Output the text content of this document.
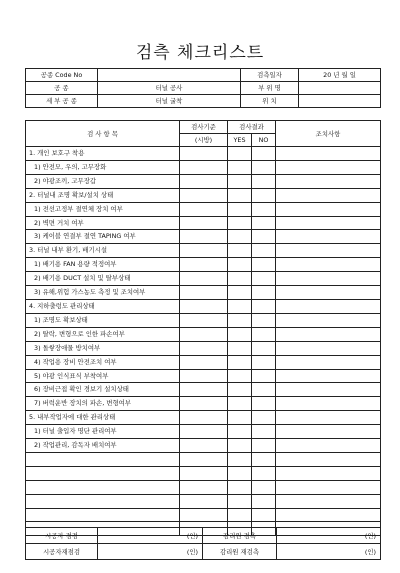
검측 체크리스트
공종 Code No		검측일자	20 년 월 일
공 종	터널 공사	부 위 명	
세 부 공 종	터널 굴착	위 치	
검 사 항 목	검사기준	검사결과		조치사항
	(시방)	YES	NO	
1. 개인 보호구 착용				
1) 안전모, 우의, 고무장화				
2) 야광조끼, 고무장갑				
2. 터널내 조명 확보/설치 상태				
1) 전선고정부 절연체 장치 여부				
2) 벽면 거치 여부				
3) 케이블 연결부 절연 TAPING 여부				
3. 터널 내부 환기, 배기시설				
1) 배기용 FAN 용량 적정여부				
2) 배기용 DUCT 설치 및 탈부상태				
3) 유해,위험 가스농도 측정 및 조치여부				
4. 지하출렁도 관리상태				
1) 조명도 확보상태				
2) 탈락, 변형으로 인한 파손여부				
3) 돌쌓장애물 방치여부				
4) 작업용 장비 안전조치 여부				
5) 야광 인식표식 부착여부				
6) 장비근접 확인 경보기 설치상태				
7) 버럭운반 장치의 파손, 변형여부				
5. 내부작업자에 대한 관리상태				
1) 터널 출입자 명단 관리여부				
2) 작업관리, 감독자 배치여부				

시공자 점검	(인)	감리원 검측	(인)
시공자재점검	(인)	감리원 재검측	(인)
